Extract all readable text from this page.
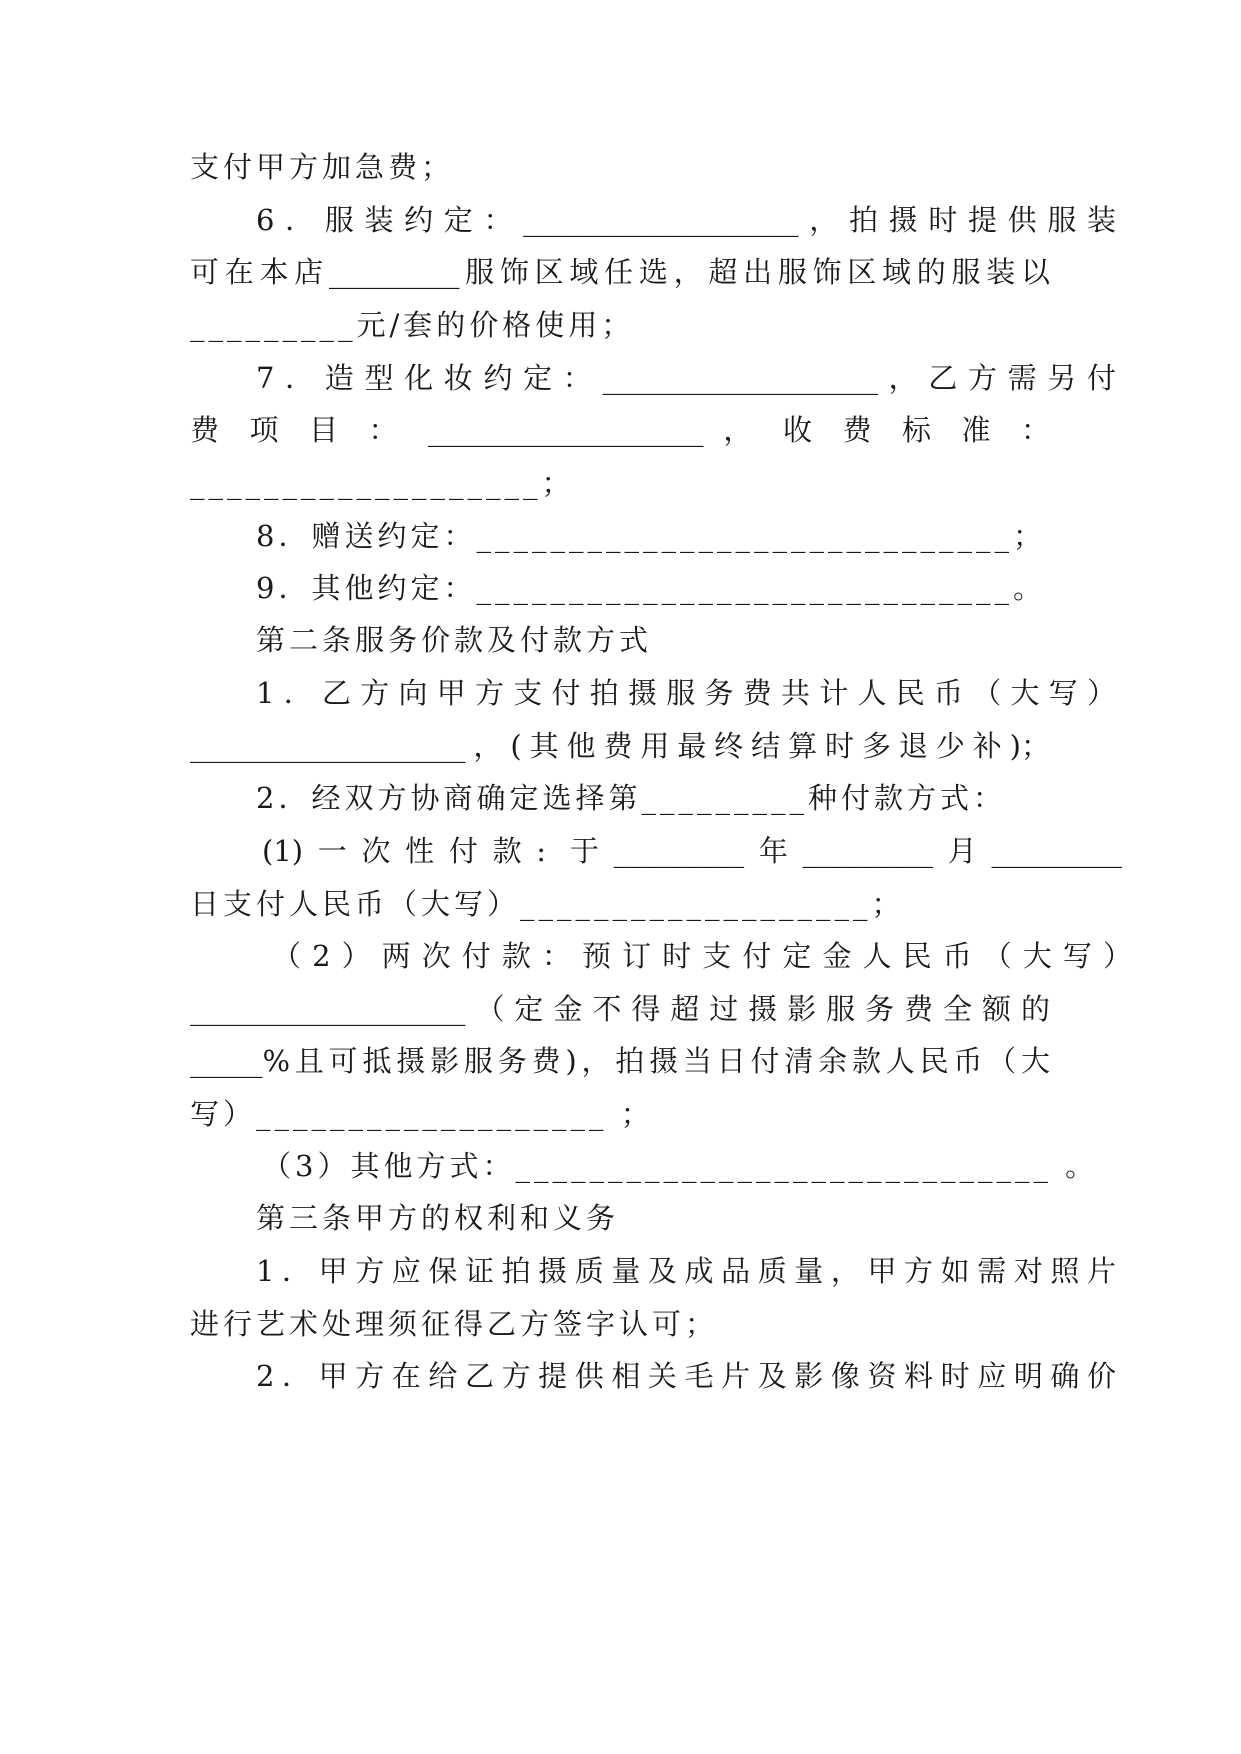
支付甲方加急费；

6．服装约定：___________________，拍摄时提供服装

可在本店_________服饰区域任选，超出服饰区域的服装以

_________元/套的价格使用；

7．造型化妆约定：___________________，乙方需另付

费 项 目 ： ___________________ ， 收 费 标 准 ：

___________________；

8．赠送约定：_____________________________；

9．其他约定：_____________________________。

第二条服务价款及付款方式

1．乙方向甲方支付拍摄服务费共计人民币（大写）

___________________，(其他费用最终结算时多退少补)；

2．经双方协商确定选择第_________种付款方式：

(1)一次性付款: 于_________年_________月_________

日支付人民币（大写）___________________；

（2）两次付款：预订时支付定金人民币（大写）

___________________（定金不得超过摄影服务费全额的

_____%且可抵摄影服务费)，拍摄当日付清余款人民币（大

写）___________________ ；

（3）其他方式：_____________________________ 。

第三条甲方的权利和义务

1．甲方应保证拍摄质量及成品质量，甲方如需对照片

进行艺术处理须征得乙方签字认可；

2．甲方在给乙方提供相关毛片及影像资料时应明确价
